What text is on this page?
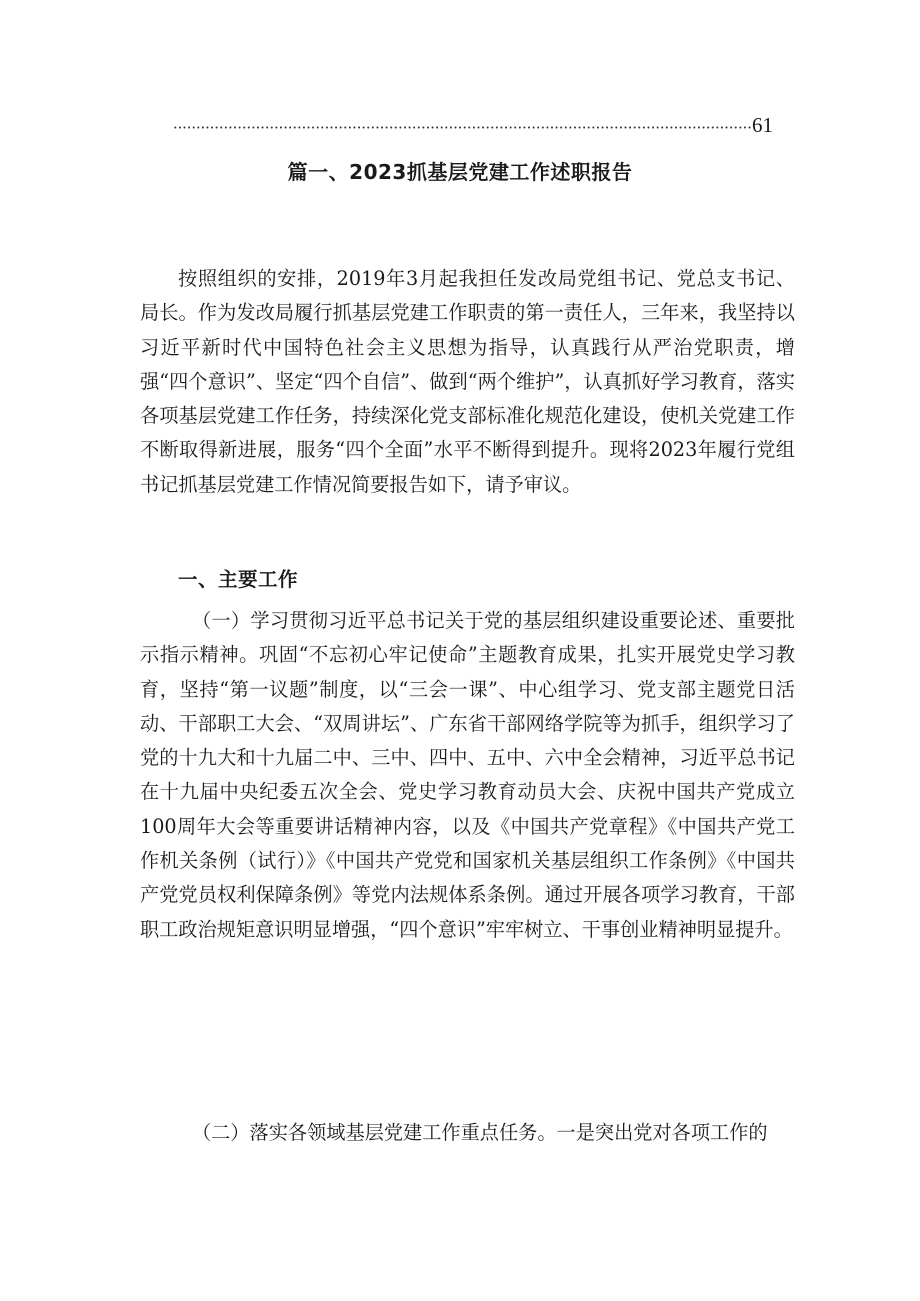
61
篇一、2023抓基层党建工作述职报告
按照组织的安排，2019年3月起我担任发改局党组书记、党总支书记、局长。作为发改局履行抓基层党建工作职责的第一责任人，三年来，我坚持以习近平新时代中国特色社会主义思想为指导，认真践行从严治党职责，增强“四个意识”、坚定“四个自信”、做到“两个维护”，认真抓好学习教育，落实各项基层党建工作任务，持续深化党支部标准化规范化建设，使机关党建工作不断取得新进展，服务“四个全面”水平不断得到提升。现将2023年履行党组书记抓基层党建工作情况简要报告如下，请予审议。
一、主要工作
（一）学习贯彻习近平总书记关于党的基层组织建设重要论述、重要批示指示精神。巩固“不忘初心牢记使命”主题教育成果，扎实开展党史学习教育，坚持“第一议题”制度，以“三会一课”、中心组学习、党支部主题党日活动、干部职工大会、“双周讲坛”、广东省干部网络学院等为抓手，组织学习了党的十九大和十九届二中、三中、四中、五中、六中全会精神，习近平总书记在十九届中央纪委五次全会、党史学习教育动员大会、庆祝中国共产党成立100周年大会等重要讲话精神内容，以及《中国共产党章程》《中国共产党工作机关条例（试行）》《中国共产党党和国家机关基层组织工作条例》《中国共产党党员权利保障条例》等党内法规体系条例。通过开展各项学习教育，干部职工政治规矩意识明显增强，“四个意识”牢牢树立、干事创业精神明显提升。
（二）落实各领域基层党建工作重点任务。一是突出党对各项工作的
